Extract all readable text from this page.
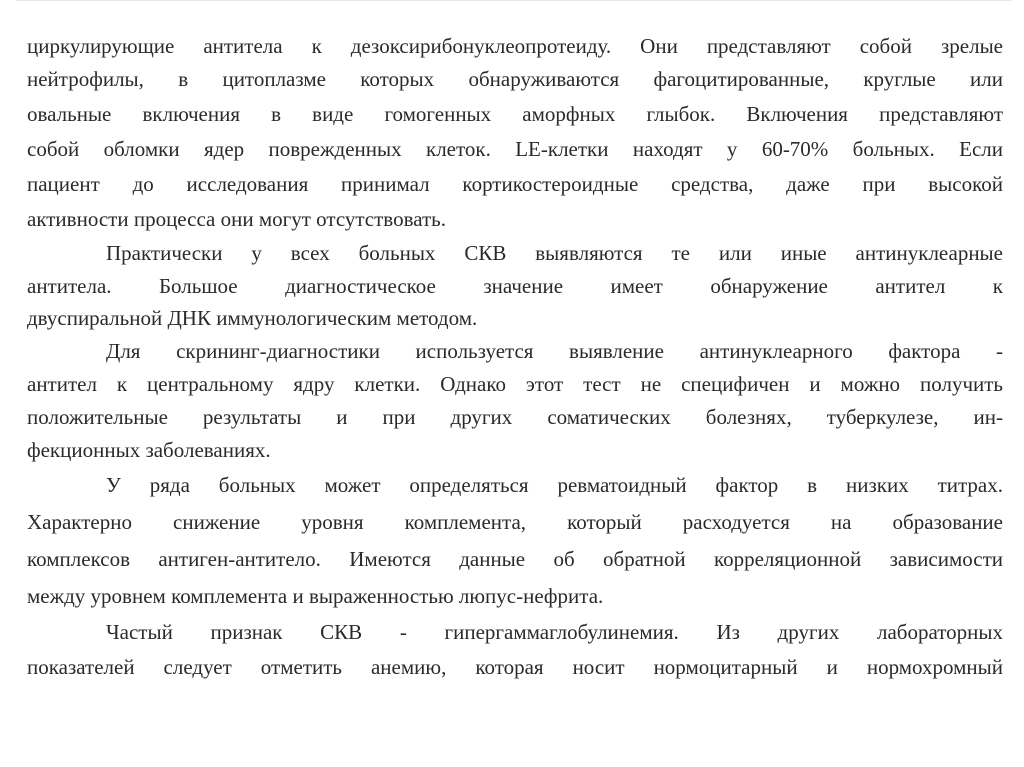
циркулирующие антитела к дезоксирибонуклеопротеиду. Они представляют собой зрелые
нейтрофилы, в цитоплазме которых обнаруживаются фагоцитированные, круглые или
овальные включения в виде гомогенных аморфных глыбок. Включения представляют
собой обломки ядер поврежденных клеток. LE-клетки находят у 60-70% больных. Если
пациент до исследования принимал кортикостероидные средства, даже при высокой
активности процесса они могут отсутствовать.
Практически у всех больных СКВ выявляются те или иные антинуклеарные
антитела. Большое диагностическое значение имеет обнаружение антител к
двуспиральной ДНК иммунологическим методом.
Для скрининг-диагностики используется выявление антинуклеарного фактора -
антител к центральному ядру клетки. Однако этот тест не специфичен и можно получить
положительные результаты и при других соматических болезнях, туберкулезе, ин-
фекционных заболеваниях.
У ряда больных может определяться ревматоидный фактор в низких титрах.
Характерно снижение уровня комплемента, который расходуется на образование
комплексов антиген-антитело. Имеются данные об обратной корреляционной зависимости
между уровнем комплемента и выраженностью люпус-нефрита.
Частый признак СКВ - гипергаммаглобулинемия. Из других лабораторных
показателей следует отметить анемию, которая носит нормоцитарный и нормохромный
